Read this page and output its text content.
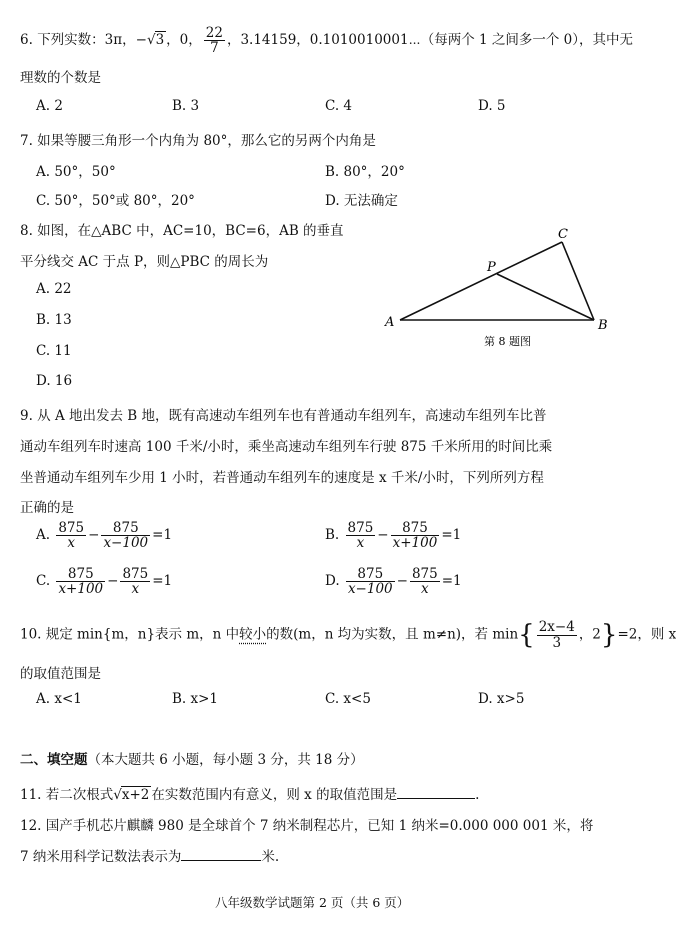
6. 下列实数：3π，−√3 ，0， $\frac{22}{7}$ ，3.14159，0.1010010001⋯（每两个 1 之间多一个 0），其中无
理数的个数是
A. 2	B. 3	C. 4	D. 5
7. 如果等腰三角形一个内角为 80°，那么它的另两个内角是
A. 50°，50°	B. 80°，20°
C. 50°，50°或 80°，20°	D. 无法确定
8. 如图，在△ABC 中，AC=10，BC=6，AB 的垂直
平分线交 AC 于点 P，则△PBC 的周长为
A. 22
B. 13
C. 11
D. 16
A	B
C
P
第 8 题图
9. 从 A 地出发去 B 地，既有高速动车组列车也有普通动车组列车，高速动车组列车比普
通动车组列车时速高 100 千米/小时，乘坐高速动车组列车行驶 875 千米所用的时间比乘
坐普通动车组列车少用 1 小时，若普通动车组列车的速度是 x 千米/小时，下列所列方程
正确的是
A. $\frac{875}{x} - \frac{875}{x-100} =1$	B. $\frac{875}{x} - \frac{875}{x+100} =1$
C. $\frac{875}{x+100} - \frac{875}{x} =1$	D. $\frac{875}{x-100} - \frac{875}{x} =1$
10. 规定 min{m，n}表示 m，n 中较小的数(m，n 均为实数，且 m≠n)，若 $\min\{ \frac{2x-4}{3}$ ，2}=2，则 x
的取值范围是
A. x<1	B. x>1	C. x<5	D. x>5
二、填空题（本大题共 6 小题，每小题 3 分，共 18 分）
11. 若二次根式√x+2 在实数范围内有意义，则 x 的取值范围是	.
12. 国产手机芯片麒麟 980 是全球首个 7 纳米制程芯片，已知 1 纳米=0.000 000 001 米，将
7 纳米用科学记数法表示为	米.
八年级数学试题第 2 页（共 6 页）
